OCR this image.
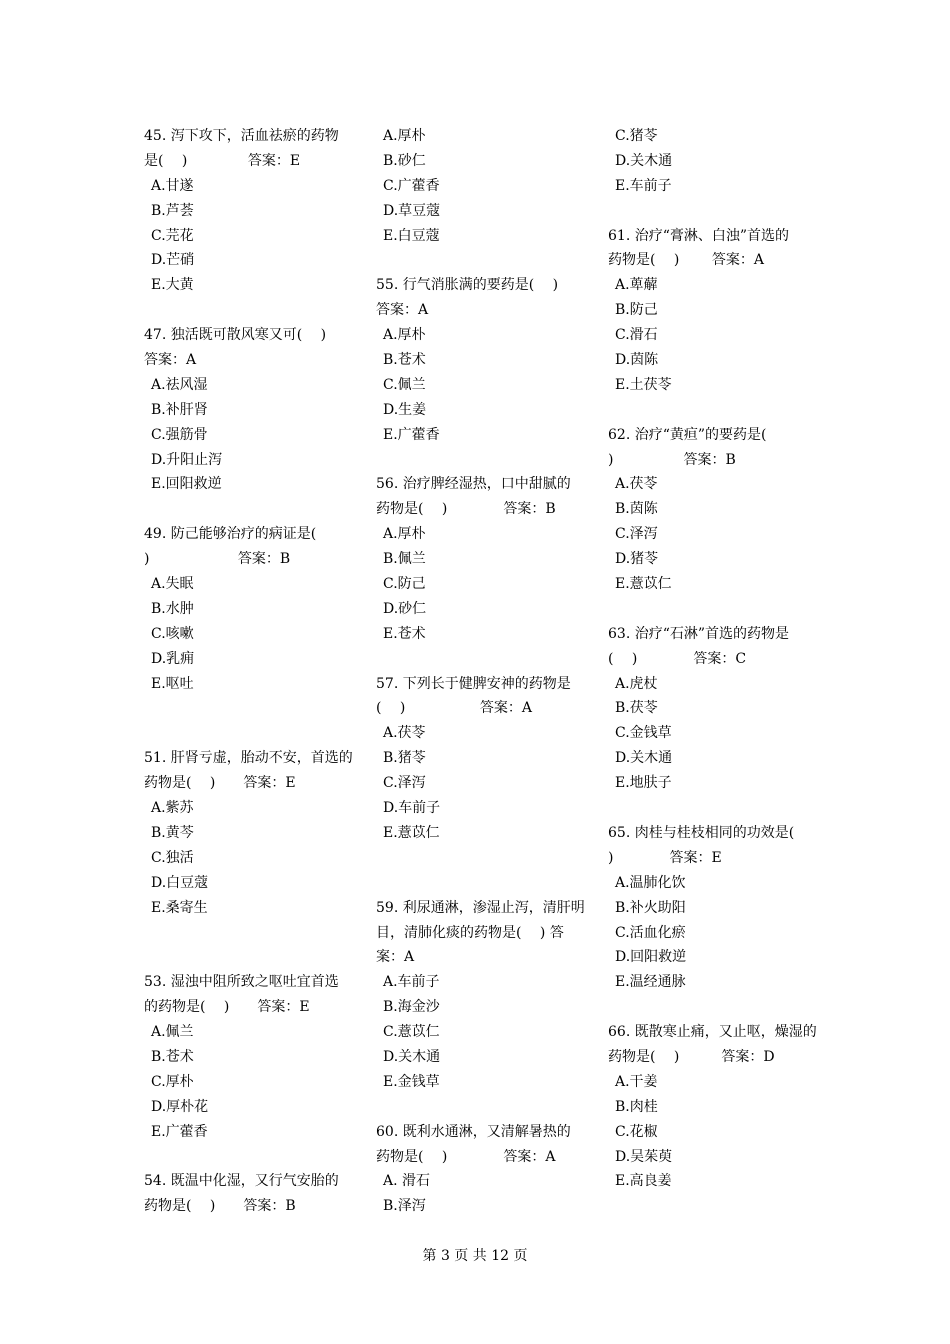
45. 泻下攻下，活血祛瘀的药物
是(　 )　　　　 答案：E
A.甘遂
B.芦荟
C.芫花
D.芒硝
E.大黄
47. 独活既可散风寒又可(　 )
答案：A
A.祛风湿
B.补肝肾
C.强筋骨
D.升阳止泻
E.回阳救逆
49. 防己能够治疗的病证是(
)　　　　　　 答案：B
A.失眠
B.水肿
C.咳嗽
D.乳痈
E.呕吐
51. 肝肾亏虚，胎动不安，首选的
药物是(　 )　　答案：E
A.紫苏
B.黄芩
C.独活
D.白豆蔻
E.桑寄生
53. 湿浊中阻所致之呕吐宜首选
的药物是(　 )　　答案：E
A.佩兰
B.苍术
C.厚朴
D.厚朴花
E.广藿香
54. 既温中化湿，又行气安胎的
药物是(　 )　　答案：B
A.厚朴
B.砂仁
C.广藿香
D.草豆蔻
E.白豆蔻
55. 行气消胀满的要药是(　 )
答案：A
A.厚朴
B.苍术
C.佩兰
D.生姜
E.广藿香
56. 治疗脾经湿热，口中甜腻的
药物是(　 )　　　　答案：B
A.厚朴
B.佩兰
C.防己
D.砂仁
E.苍术
57. 下列长于健脾安神的药物是
(　 )　　　　　 答案：A
A.茯苓
B.猪苓
C.泽泻
D.车前子
E.薏苡仁
59. 利尿通淋，渗湿止泻，清肝明
目，清肺化痰的药物是(　 ) 答
案：A
A.车前子
B.海金沙
C.薏苡仁
D.关木通
E.金钱草
60. 既利水通淋，又清解暑热的
药物是(　 )　　　　答案：A
A. 滑石
B.泽泻
C.猪苓
D.关木通
E.车前子
61. 治疗“膏淋、白浊”首选的
药物是(　 )　　 答案：A
A.萆薢
B.防己
C.滑石
D.茵陈
E.土茯苓
62. 治疗“黄疸”的要药是(
)　　　　　答案：B
A.茯苓
B.茵陈
C.泽泻
D.猪苓
E.薏苡仁
63. 治疗“石淋”首选的药物是
(　 )　　　　答案：C
A.虎杖
B.茯苓
C.金钱草
D.关木通
E.地肤子
65. 肉桂与桂枝相同的功效是(
)　　　　答案：E
A.温肺化饮
B.补火助阳
C.活血化瘀
D.回阳救逆
E.温经通脉
66. 既散寒止痛，又止呕，燥湿的
药物是(　 )　　　答案：D
A.干姜
B.肉桂
C.花椒
D.吴茱萸
E.高良姜
第 3 页 共 12 页
